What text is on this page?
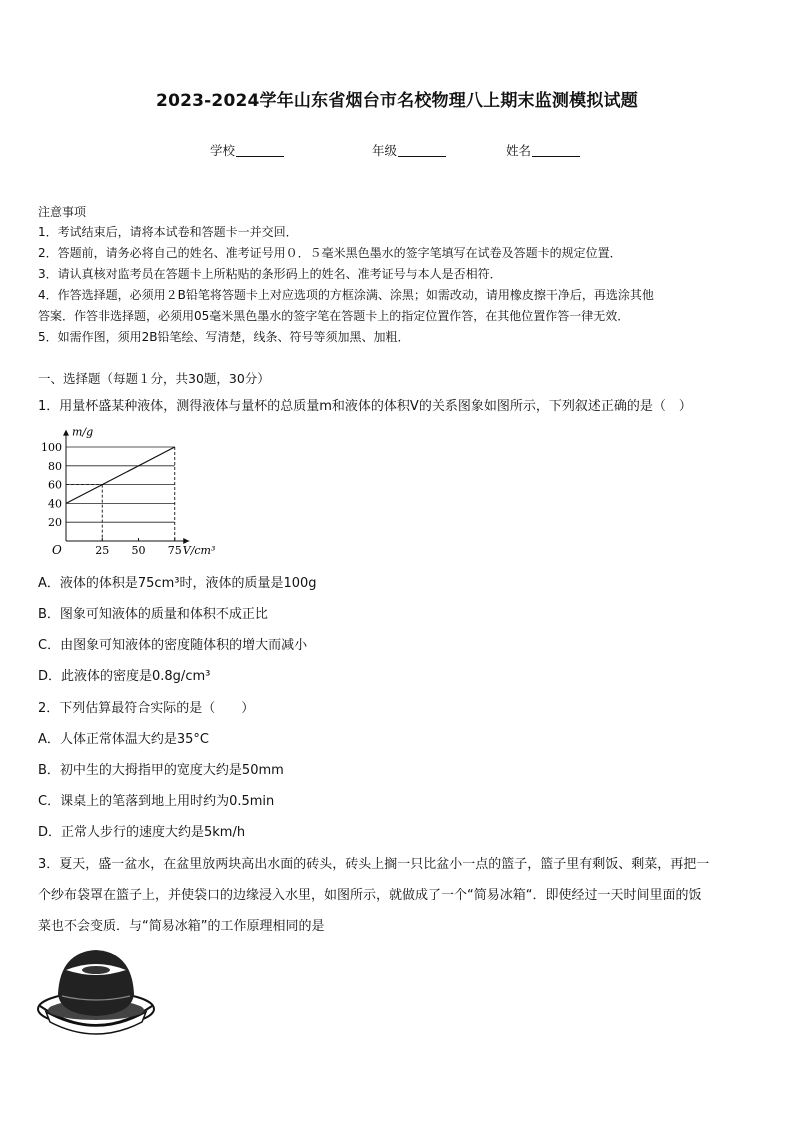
2023-2024学年山东省烟台市名校物理八上期末监测模拟试题
学校	年级	姓名
注意事项
1．考试结束后，请将本试卷和答题卡一并交回．
2．答题前，请务必将自己的姓名、准考证号用０．５毫米黑色墨水的签字笔填写在试卷及答题卡的规定位置．
3．请认真核对监考员在答题卡上所粘贴的条形码上的姓名、准考证号与本人是否相符．
4．作答选择题，必须用２B铅笔将答题卡上对应选项的方框涂满、涂黑；如需改动，请用橡皮擦干净后，再选涂其他
答案．作答非选择题，必须用05毫米黑色墨水的签字笔在答题卡上的指定位置作答，在其他位置作答一律无效．
5．如需作图，须用2B铅笔绘、写清楚，线条、符号等须加黑、加粗．
一、选择题（每题１分，共30题，30分）
1．用量杯盛某种液体，测得液体与量杯的总质量m和液体的体积V的关系图象如图所示，下列叙述正确的是（　）
20
40
60
80
100
25 50 75
O
m/g
V/cm³
A．液体的体积是75cm³时，液体的质量是100g
B．图象可知液体的质量和体积不成正比
C．由图象可知液体的密度随体积的增大而减小
D．此液体的密度是0.8g/cm³
2．下列估算最符合实际的是（　　）
A．人体正常体温大约是35°C
B．初中生的大拇指甲的宽度大约是50mm
C．课桌上的笔落到地上用时约为0.5min
D．正常人步行的速度大约是5km/h
3．夏天，盛一盆水，在盆里放两块高出水面的砖头，砖头上搁一只比盆小一点的篮子，篮子里有剩饭、剩菜，再把一
个纱布袋罩在篮子上，并使袋口的边缘浸入水里，如图所示，就做成了一个“简易冰箱“．即使经过一天时间里面的饭
菜也不会变质．与“简易冰箱”的工作原理相同的是
